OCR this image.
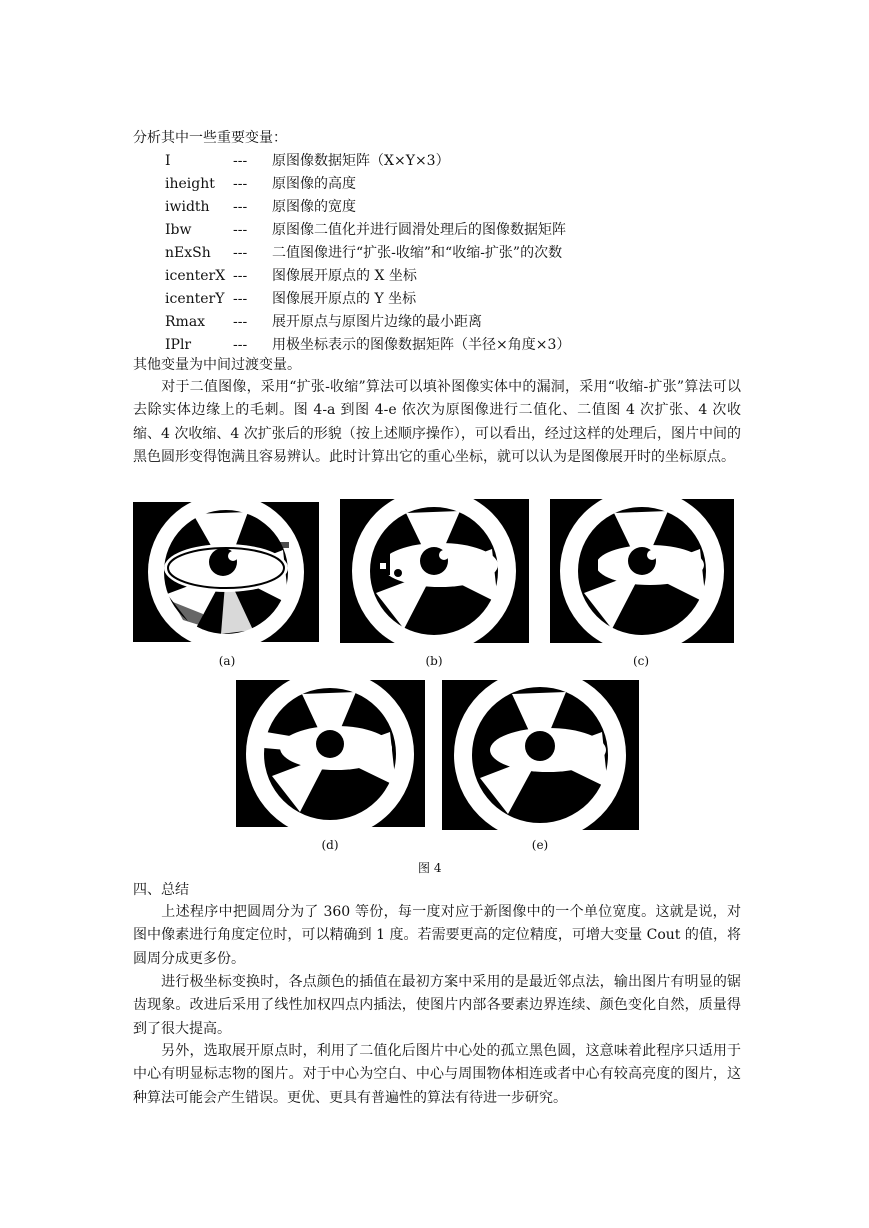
分析其中一些重要变量：
I	--- 原图像数据矩阵（X×Y×3）
iheight --- 原图像的高度
iwidth --- 原图像的宽度
Ibw	--- 原图像二值化并进行圆滑处理后的图像数据矩阵
nExSh --- 二值图像进行“扩张-收缩”和“收缩-扩张”的次数
icenterX --- 图像展开原点的 X 坐标
icenterY --- 图像展开原点的 Y 坐标
Rmax --- 展开原点与原图片边缘的最小距离
IPlr	--- 用极坐标表示的图像数据矩阵（半径×角度×3）
其他变量为中间过渡变量。
对于二值图像，采用“扩张-收缩”算法可以填补图像实体中的漏洞，采用“收缩-扩张”算法可以去除实体边缘上的毛刺。图 4-a 到图 4-e 依次为原图像进行二值化、二值图 4 次扩张、4 次收缩、4 次收缩、4 次扩张后的形貌（按上述顺序操作），可以看出，经过这样的处理后，图片中间的黑色圆形变得饱满且容易辨认。此时计算出它的重心坐标，就可以认为是图像展开时的坐标原点。
(a)	(b)	(c)
(d)	(e)
图 4
四、总结
上述程序中把圆周分为了 360 等份，每一度对应于新图像中的一个单位宽度。这就是说，对图中像素进行角度定位时，可以精确到 1 度。若需要更高的定位精度，可增大变量 Cout 的值，将圆周分成更多份。
进行极坐标变换时，各点颜色的插值在最初方案中采用的是最近邻点法，输出图片有明显的锯齿现象。改进后采用了线性加权四点内插法，使图片内部各要素边界连续、颜色变化自然，质量得到了很大提高。
另外，选取展开原点时，利用了二值化后图片中心处的孤立黑色圆，这意味着此程序只适用于中心有明显标志物的图片。对于中心为空白、中心与周围物体相连或者中心有较高亮度的图片，这种算法可能会产生错误。更优、更具有普遍性的算法有待进一步研究。
